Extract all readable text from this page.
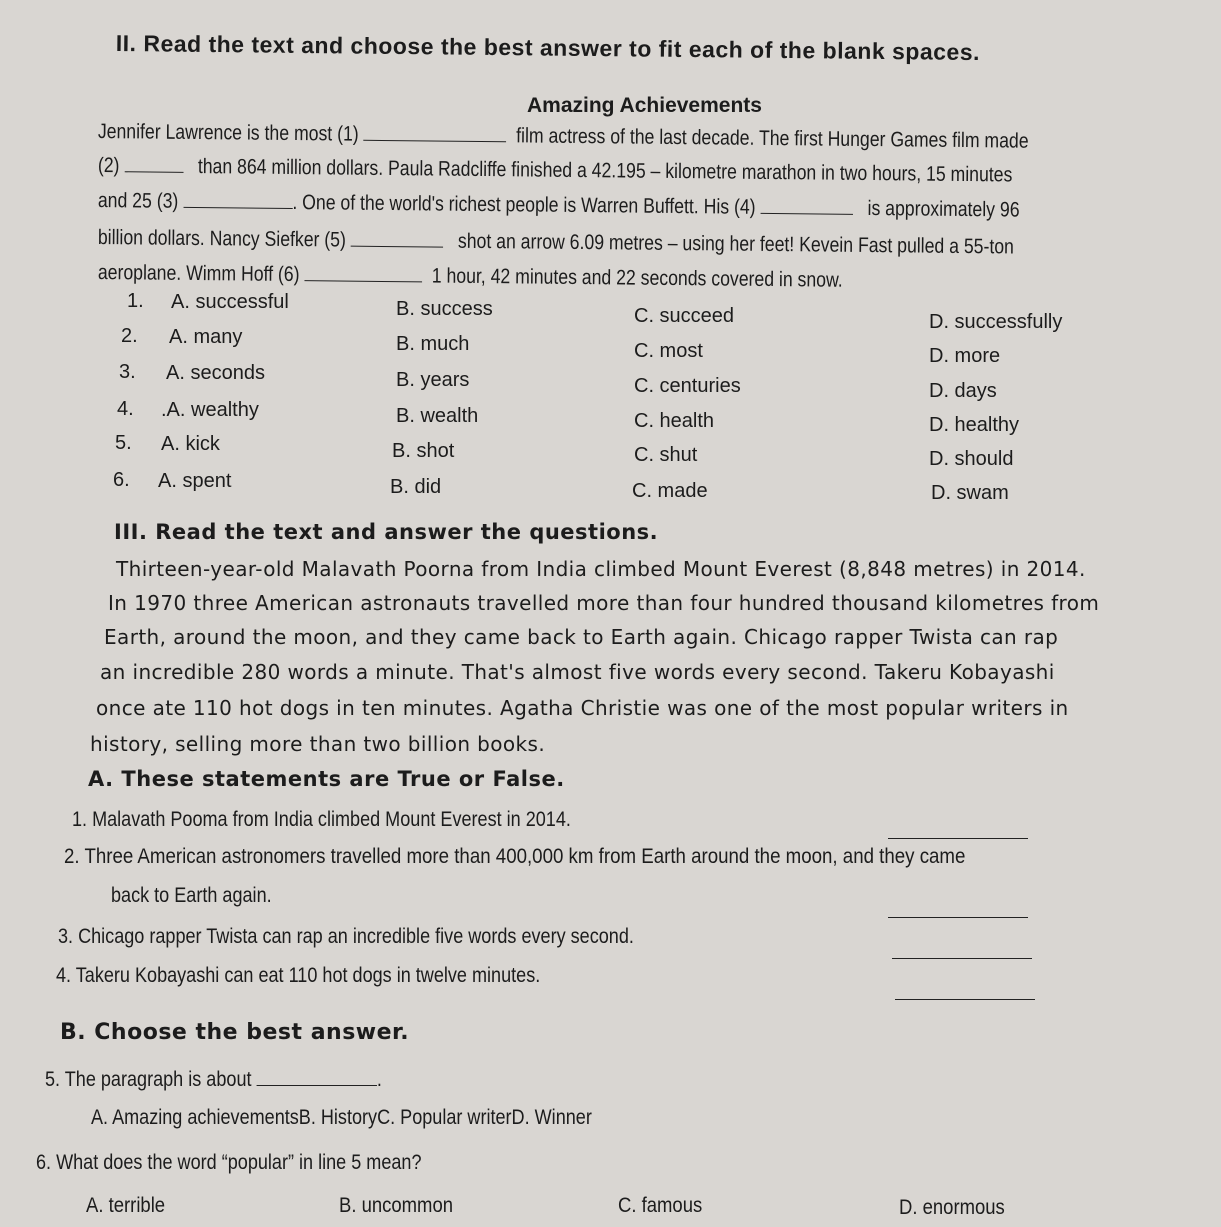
II. Read the text and choose the best answer to fit each of the blank spaces.
Amazing Achievements
Jennifer Lawrence is the most (1)	film actress of the last decade. The first Hunger Games film made
(2)	than 864 million dollars. Paula Radcliffe finished a 42.195 – kilometre marathon in two hours, 15 minutes
and 25 (3)	. One of the world's richest people is Warren Buffett. His (4)	is approximately 96
billion dollars. Nancy Siefker (5)	shot an arrow 6.09 metres – using her feet! Kevein Fast pulled a 55-ton
aeroplane. Wimm Hoff (6)	1 hour, 42 minutes and 22 seconds covered in snow.
1. A. successful	B. success	C. succeed	D. successfully
2. A. many	B. much	C. most	D. more
3. A. seconds	B. years	C. centuries	D. days
4. .A. wealthy	B. wealth	C. health	D. healthy
5. A. kick	B. shot	C. shut	D. should
6. A. spent	B. did	C. made	D. swam
III. Read the text and answer the questions.
Thirteen-year-old Malavath Poorna from India climbed Mount Everest (8,848 metres) in 2014.
In 1970 three American astronauts travelled more than four hundred thousand kilometres from
Earth, around the moon, and they came back to Earth again. Chicago rapper Twista can rap
an incredible 280 words a minute. That's almost five words every second. Takeru Kobayashi
once ate 110 hot dogs in ten minutes. Agatha Christie was one of the most popular writers in
history, selling more than two billion books.
A. These statements are True or False.
1. Malavath Pooma from India climbed Mount Everest in 2014.
2. Three American astronomers travelled more than 400,000 km from Earth around the moon, and they came
back to Earth again.
3. Chicago rapper Twista can rap an incredible five words every second.
4. Takeru Kobayashi can eat 110 hot dogs in twelve minutes.
B. Choose the best answer.
5. The paragraph is about	.
A. Amazing achievementsB. HistoryC. Popular writerD. Winner
6. What does the word “popular” in line 5 mean?
A. terrible	B. uncommon	C. famous	D. enormous
